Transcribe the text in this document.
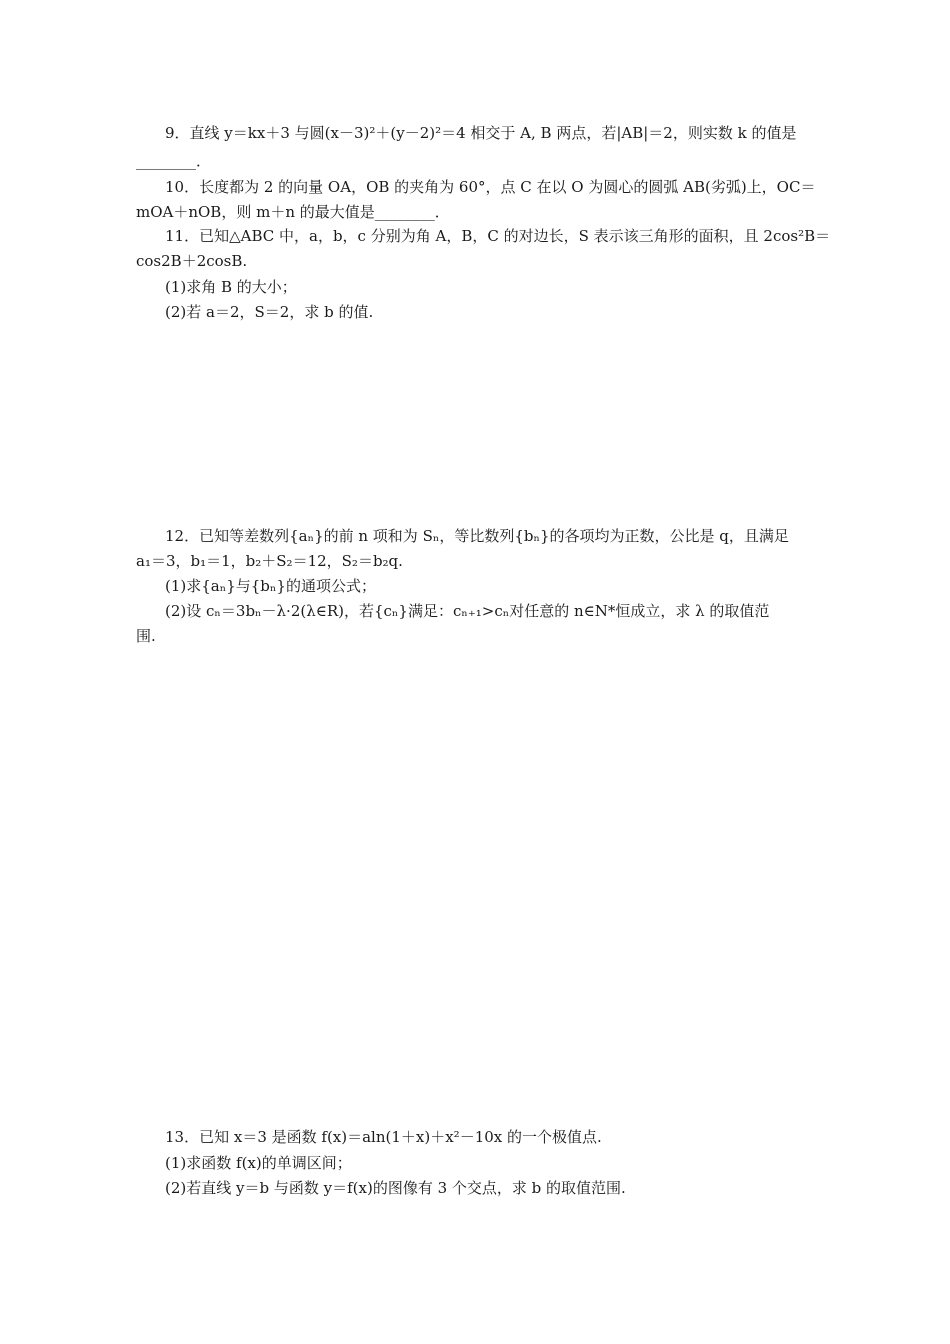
9．直线 y＝kx＋3 与圆(x－3)²＋(y－2)²＝4 相交于 A, B 两点，若|AB|＝2，则实数 k 的值是
________．
10．长度都为 2 的向量 OA，OB 的夹角为 60°，点 C 在以 O 为圆心的圆弧 AB(劣弧)上，OC＝
mOA＋nOB，则 m＋n 的最大值是________．
11．已知△ABC 中，a，b，c 分别为角 A，B，C 的对边长，S 表示该三角形的面积，且 2cos²B＝
cos2B＋2cosB.
(1)求角 B 的大小；
(2)若 a＝2，S＝2，求 b 的值.
12．已知等差数列{aₙ}的前 n 项和为 Sₙ，等比数列{bₙ}的各项均为正数，公比是 q，且满足
a₁＝3，b₁＝1，b₂＋S₂＝12，S₂＝b₂q.
(1)求{aₙ}与{bₙ}的通项公式；
(2)设 cₙ＝3bₙ－λ·2(λ∈R)，若{cₙ}满足：cₙ₊₁>cₙ对任意的 n∈N*恒成立，求 λ 的取值范
围.
13．已知 x＝3 是函数 f(x)＝aln(1＋x)＋x²－10x 的一个极值点.
(1)求函数 f(x)的单调区间；
(2)若直线 y＝b 与函数 y＝f(x)的图像有 3 个交点，求 b 的取值范围.
